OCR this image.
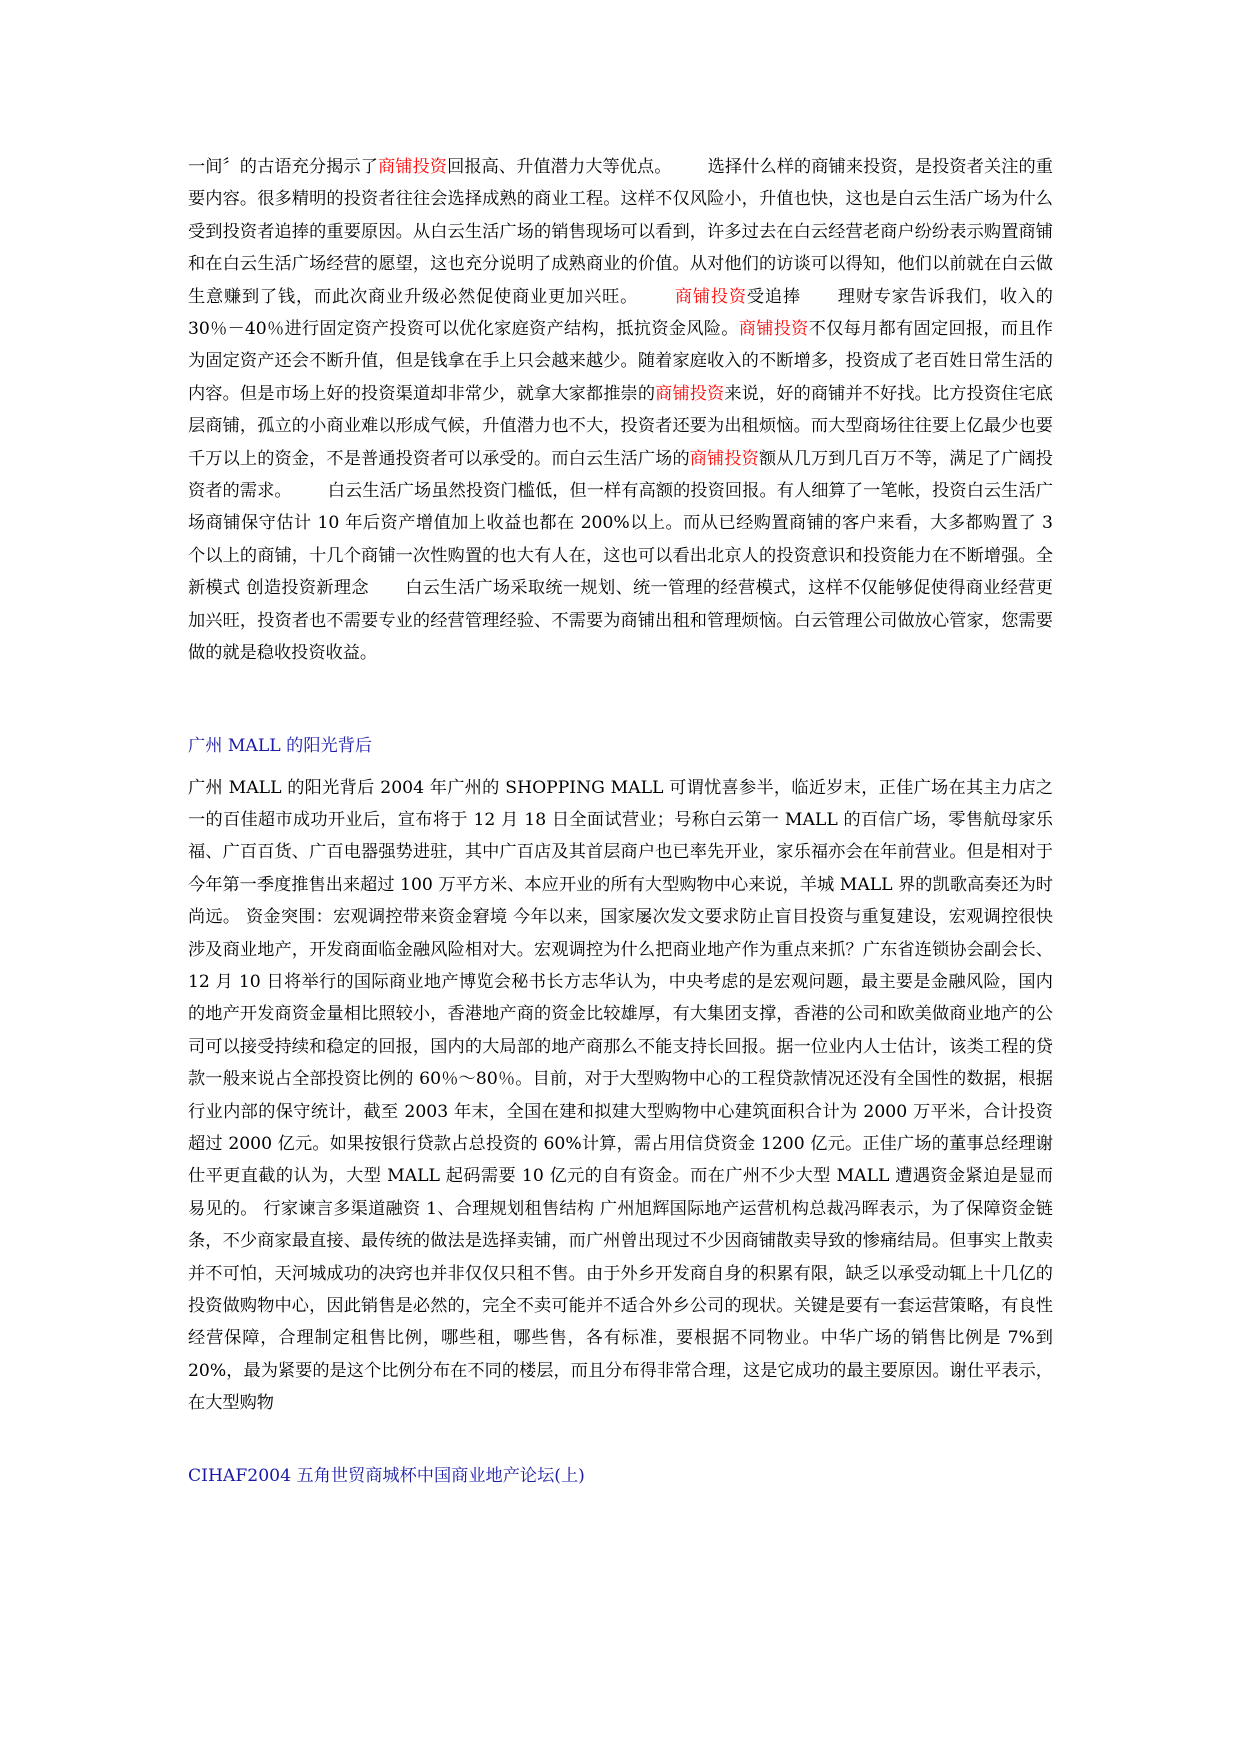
一间〞的古语充分揭示了商铺投资回报高、升值潜力大等优点。 选择什么样的商铺来投资，是投资者关注的重要内容。很多精明的投资者往往会选择成熟的商业工程。这样不仅风险小，升值也快，这也是白云生活广场为什么受到投资者追捧的重要原因。从白云生活广场的销售现场可以看到，许多过去在白云经营老商户纷纷表示购置商铺和在白云生活广场经营的愿望，这也充分说明了成熟商业的价值。从对他们的访谈可以得知，他们以前就在白云做生意赚到了钱，而此次商业升级必然促使商业更加兴旺。 商铺投资受追捧 理财专家告诉我们，收入的 30％－40％进行固定资产投资可以优化家庭资产结构，抵抗资金风险。商铺投资不仅每月都有固定回报，而且作为固定资产还会不断升值，但是钱拿在手上只会越来越少。随着家庭收入的不断增多，投资成了老百姓日常生活的内容。但是市场上好的投资渠道却非常少，就拿大家都推崇的商铺投资来说，好的商铺并不好找。比方投资住宅底层商铺，孤立的小商业难以形成气候，升值潜力也不大，投资者还要为出租烦恼。而大型商场往往要上亿最少也要千万以上的资金，不是普通投资者可以承受的。而白云生活广场的商铺投资额从几万到几百万不等，满足了广阔投资者的需求。 白云生活广场虽然投资门槛低，但一样有高额的投资回报。有人细算了一笔帐，投资白云生活广场商铺保守估计 10 年后资产增值加上收益也都在 200%以上。而从已经购置商铺的客户来看，大多都购置了 3 个以上的商铺，十几个商铺一次性购置的也大有人在，这也可以看出北京人的投资意识和投资能力在不断增强。全新模式 创造投资新理念 白云生活广场采取统一规划、统一管理的经营模式，这样不仅能够促使得商业经营更加兴旺，投资者也不需要专业的经营管理经验、不需要为商铺出租和管理烦恼。白云管理公司做放心管家，您需要做的就是稳收投资收益。

广州 MALL 的阳光背后

广州 MALL 的阳光背后 2004 年广州的 SHOPPING MALL 可谓忧喜参半，临近岁末，正佳广场在其主力店之一的百佳超市成功开业后，宣布将于 12 月 18 日全面试营业；号称白云第一 MALL 的百信广场，零售航母家乐福、广百百货、广百电器强势进驻，其中广百店及其首层商户也已率先开业，家乐福亦会在年前营业。但是相对于今年第一季度推售出来超过 100 万平方米、本应开业的所有大型购物中心来说，羊城 MALL 界的凯歌高奏还为时尚远。 资金突围：宏观调控带来资金窘境 今年以来，国家屡次发文要求防止盲目投资与重复建设，宏观调控很快涉及商业地产，开发商面临金融风险相对大。宏观调控为什么把商业地产作为重点来抓？广东省连锁协会副会长、12 月 10 日将举行的国际商业地产博览会秘书长方志华认为，中央考虑的是宏观问题，最主要是金融风险，国内的地产开发商资金量相比照较小，香港地产商的资金比较雄厚，有大集团支撑，香港的公司和欧美做商业地产的公司可以接受持续和稳定的回报，国内的大局部的地产商那么不能支持长回报。据一位业内人士估计，该类工程的贷款一般来说占全部投资比例的 60％～80％。目前，对于大型购物中心的工程贷款情况还没有全国性的数据，根据行业内部的保守统计，截至 2003 年末，全国在建和拟建大型购物中心建筑面积合计为 2000 万平米，合计投资超过 2000 亿元。如果按银行贷款占总投资的 60%计算，需占用信贷资金 1200 亿元。正佳广场的董事总经理谢仕平更直截的认为，大型 MALL 起码需要 10 亿元的自有资金。而在广州不少大型 MALL 遭遇资金紧迫是显而易见的。 行家谏言多渠道融资 1、合理规划租售结构 广州旭辉国际地产运营机构总裁冯晖表示，为了保障资金链条，不少商家最直接、最传统的做法是选择卖铺，而广州曾出现过不少因商铺散卖导致的惨痛结局。但事实上散卖并不可怕，天河城成功的决窍也并非仅仅只租不售。由于外乡开发商自身的积累有限，缺乏以承受动辄上十几亿的投资做购物中心，因此销售是必然的，完全不卖可能并不适合外乡公司的现状。关键是要有一套运营策略，有良性经营保障，合理制定租售比例，哪些租，哪些售，各有标准，要根据不同物业。中华广场的销售比例是 7%到 20%，最为紧要的是这个比例分布在不同的楼层，而且分布得非常合理，这是它成功的最主要原因。谢仕平表示，在大型购物

CIHAF2004 五角世贸商城杯中国商业地产论坛(上)
